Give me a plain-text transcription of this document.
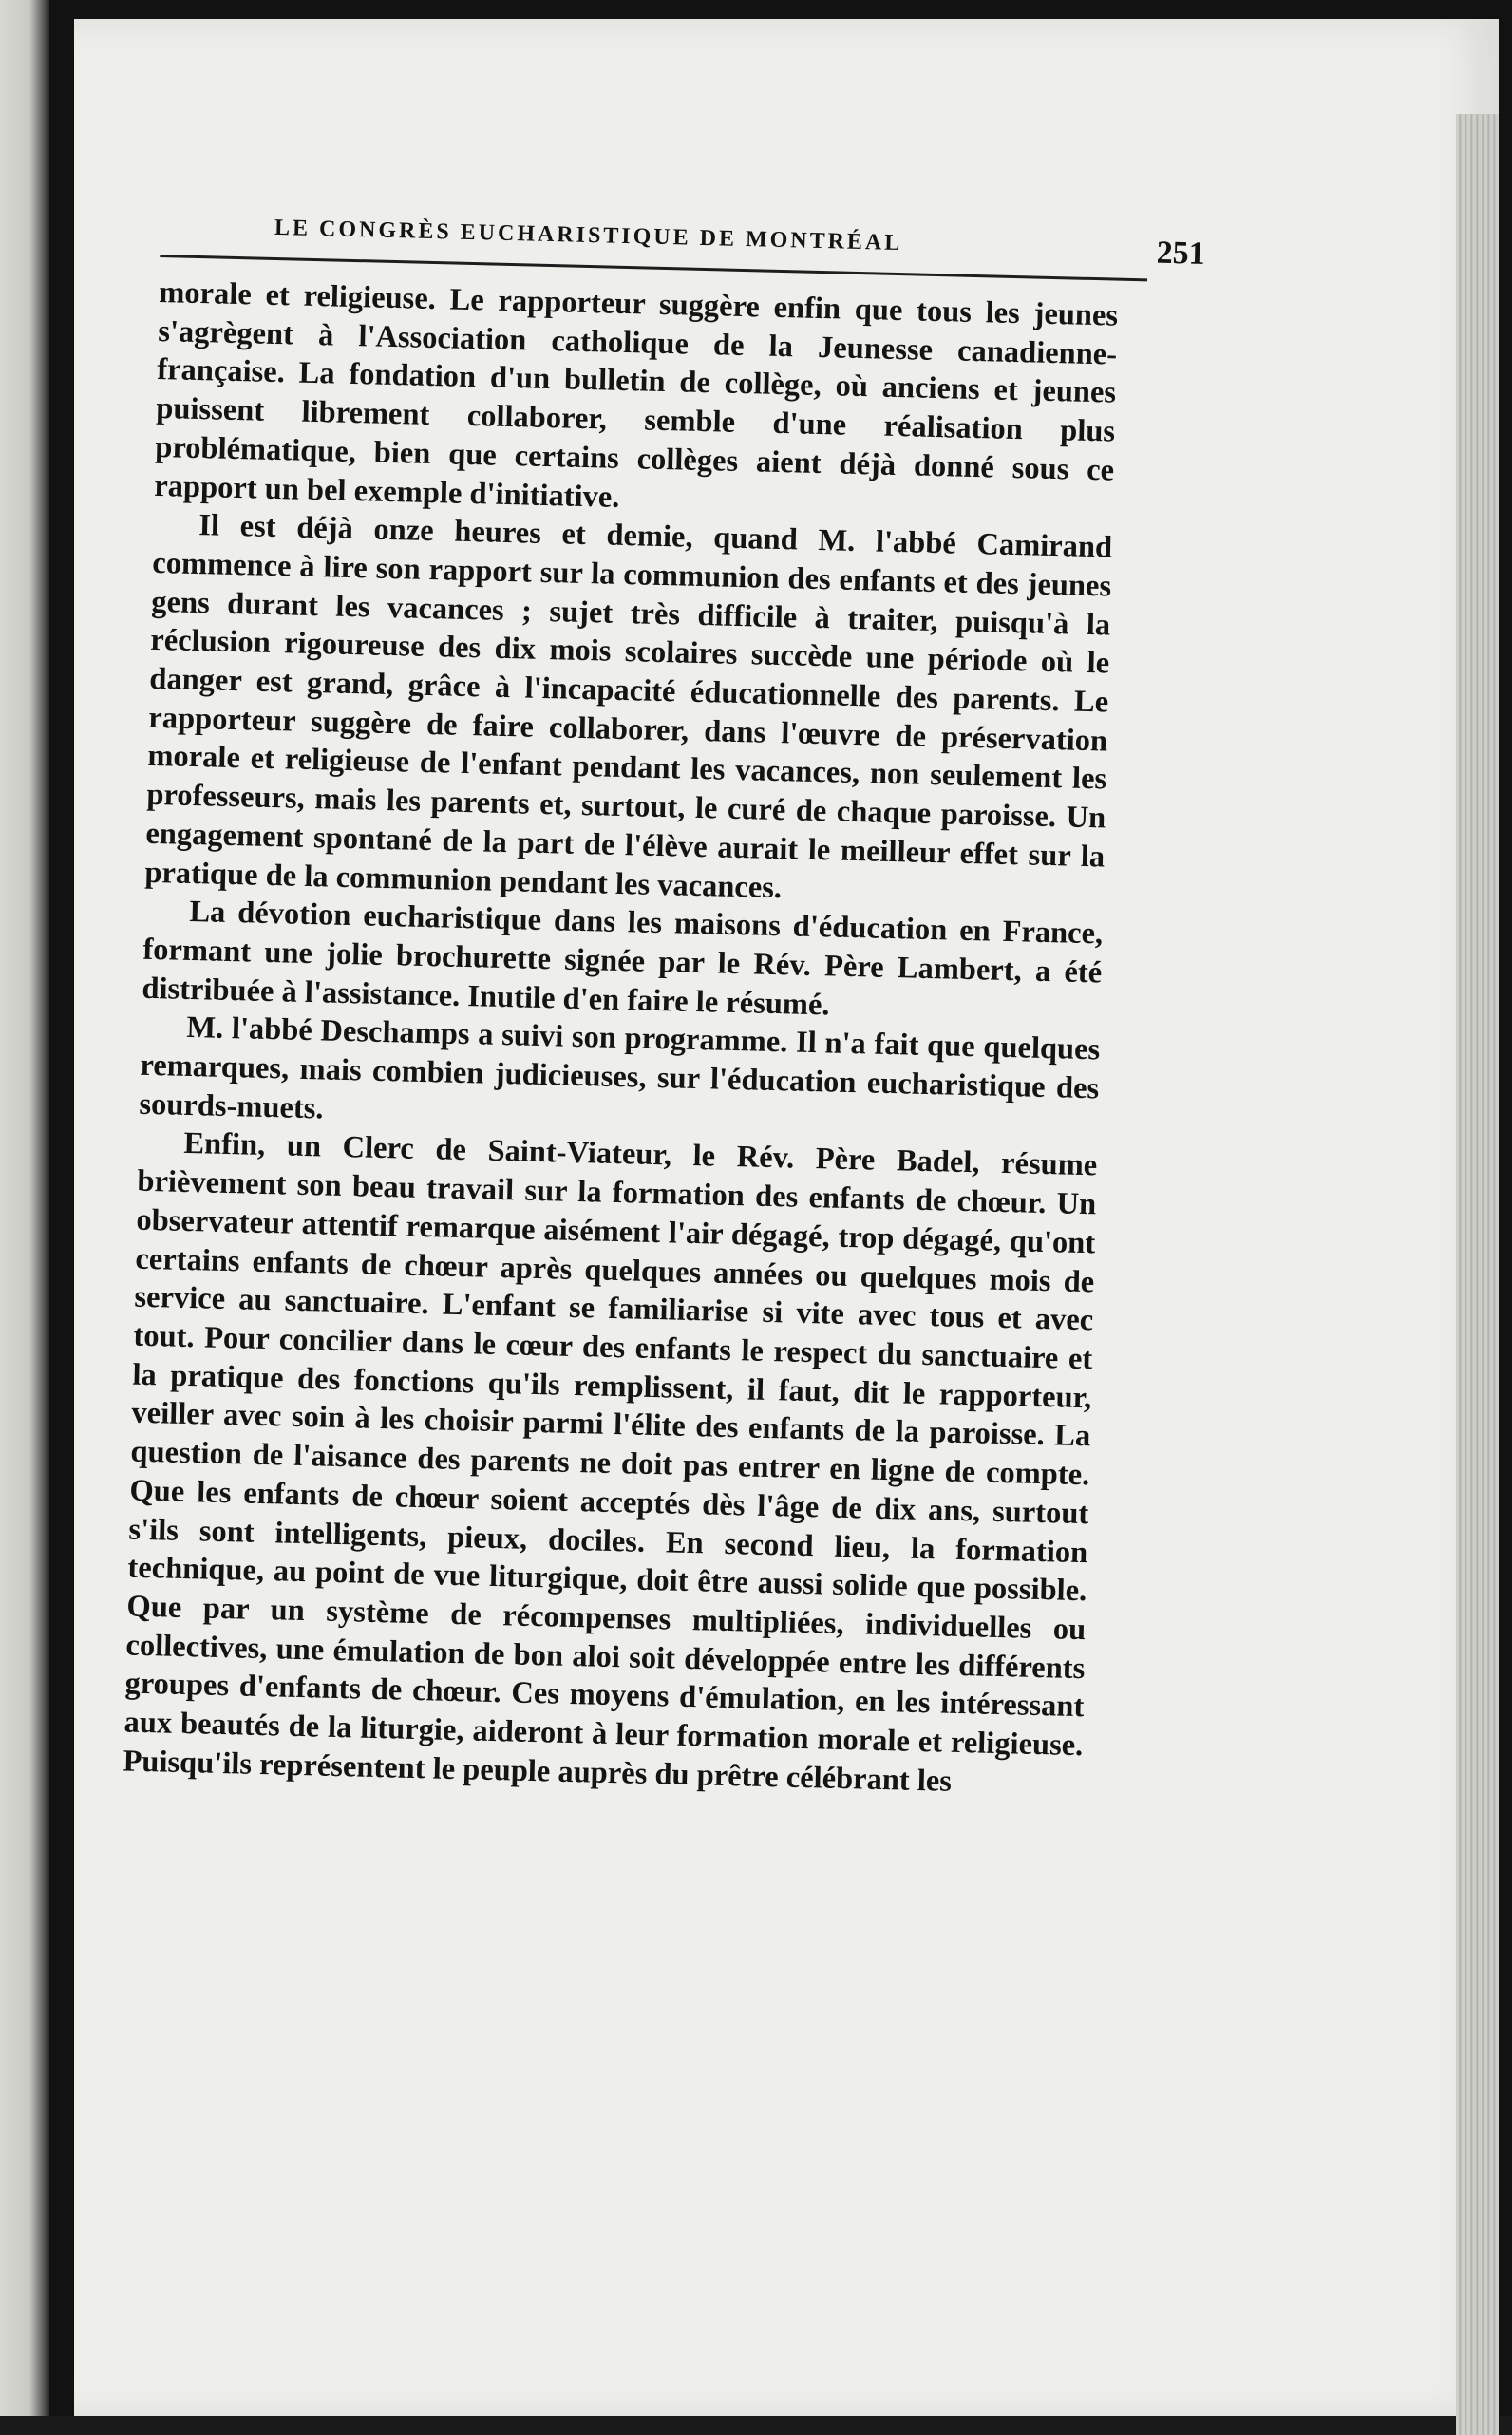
LE CONGRÈS EUCHARISTIQUE DE MONTRÉAL	251

morale et religieuse. Le rapporteur suggère enfin que tous les jeunes s'agrègent à l'Association catholique de la Jeunesse canadienne-française. La fondation d'un bulletin de collège, où anciens et jeunes puissent librement collaborer, semble d'une réalisation plus problématique, bien que certains collèges aient déjà donné sous ce rapport un bel exemple d'initiative.

Il est déjà onze heures et demie, quand M. l'abbé Camirand commence à lire son rapport sur la communion des enfants et des jeunes gens durant les vacances ; sujet très difficile à traiter, puisqu'à la réclusion rigoureuse des dix mois scolaires succède une période où le danger est grand, grâce à l'incapacité éducationnelle des parents. Le rapporteur suggère de faire collaborer, dans l'œuvre de préservation morale et religieuse de l'enfant pendant les vacances, non seulement les professeurs, mais les parents et, surtout, le curé de chaque paroisse. Un engagement spontané de la part de l'élève aurait le meilleur effet sur la pratique de la communion pendant les vacances.

La dévotion eucharistique dans les maisons d'éducation en France, formant une jolie brochurette signée par le Rév. Père Lambert, a été distribuée à l'assistance. Inutile d'en faire le résumé.

M. l'abbé Deschamps a suivi son programme. Il n'a fait que quelques remarques, mais combien judicieuses, sur l'éducation eucharistique des sourds-muets.

Enfin, un Clerc de Saint-Viateur, le Rév. Père Badel, résume brièvement son beau travail sur la formation des enfants de chœur. Un observateur attentif remarque aisément l'air dégagé, trop dégagé, qu'ont certains enfants de chœur après quelques années ou quelques mois de service au sanctuaire. L'enfant se familiarise si vite avec tous et avec tout. Pour concilier dans le cœur des enfants le respect du sanctuaire et la pratique des fonctions qu'ils remplissent, il faut, dit le rapporteur, veiller avec soin à les choisir parmi l'élite des enfants de la paroisse. La question de l'aisance des parents ne doit pas entrer en ligne de compte. Que les enfants de chœur soient acceptés dès l'âge de dix ans, surtout s'ils sont intelligents, pieux, dociles. En second lieu, la formation technique, au point de vue liturgique, doit être aussi solide que possible. Que par un système de récompenses multipliées, individuelles ou collectives, une émulation de bon aloi soit développée entre les différents groupes d'enfants de chœur. Ces moyens d'émulation, en les intéressant aux beautés de la liturgie, aideront à leur formation morale et religieuse. Puisqu'ils représentent le peuple auprès du prêtre célébrant les
